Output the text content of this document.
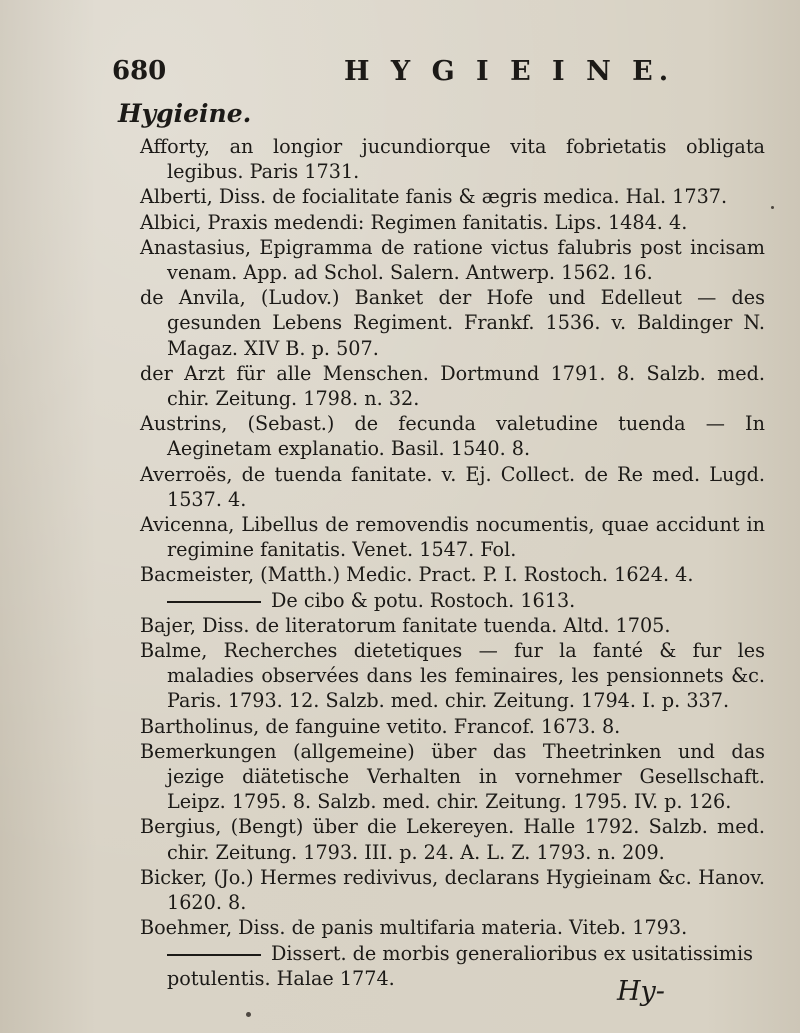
680	H Y G I E I N E.
Hygieine.

Afforty, an longior jucundiorque vita fobrietatis obligata legibus. Paris 1731.

Alberti, Diss. de focialitate fanis & ægris medica. Hal. 1737.

Albici, Praxis medendi: Regimen fanitatis. Lips. 1484. 4.

Anastasius, Epigramma de ratione victus falubris post incisam venam. App. ad Schol. Salern. Antwerp. 1562. 16.

de Anvila, (Ludov.) Banket der Hofe und Edelleut — des gesunden Lebens Regiment. Frankf. 1536. v. Baldinger N. Magaz. XIV B. p. 507.

der Arzt für alle Menschen. Dortmund 1791. 8. Salzb. med. chir. Zeitung. 1798. n. 32.

Austrins, (Sebast.) de fecunda valetudine tuenda — In Aeginetam explanatio. Basil. 1540. 8.

Averroës, de tuenda fanitate. v. Ej. Collect. de Re med. Lugd. 1537. 4.

Avicenna, Libellus de removendis nocumentis, quae accidunt in regimine fanitatis. Venet. 1547. Fol.

Bacmeister, (Matth.) Medic. Pract. P. I. Rostoch. 1624. 4.

De cibo & potu. Rostoch. 1613.

Bajer, Diss. de literatorum fanitate tuenda. Altd. 1705.

Balme, Recherches dietetiques — fur la fanté & fur les maladies observées dans les feminaires, les pensionnets &c. Paris. 1793. 12. Salzb. med. chir. Zeitung. 1794. I. p. 337.

Bartholinus, de fanguine vetito. Francof. 1673. 8.

Bemerkungen (allgemeine) über das Theetrinken und das jezige diätetische Verhalten in vornehmer Gesellschaft. Leipz. 1795. 8. Salzb. med. chir. Zeitung. 1795. IV. p. 126.

Bergius, (Bengt) über die Lekereyen. Halle 1792. Salzb. med. chir. Zeitung. 1793. III. p. 24. A. L. Z. 1793. n. 209.

Bicker, (Jo.) Hermes redivivus, declarans Hygieinam &c. Hanov. 1620. 8.

Boehmer, Diss. de panis multifaria materia. Viteb. 1793.

Dissert. de morbis generalioribus ex usitatissimis potulentis. Halae 1774.	Hy-
